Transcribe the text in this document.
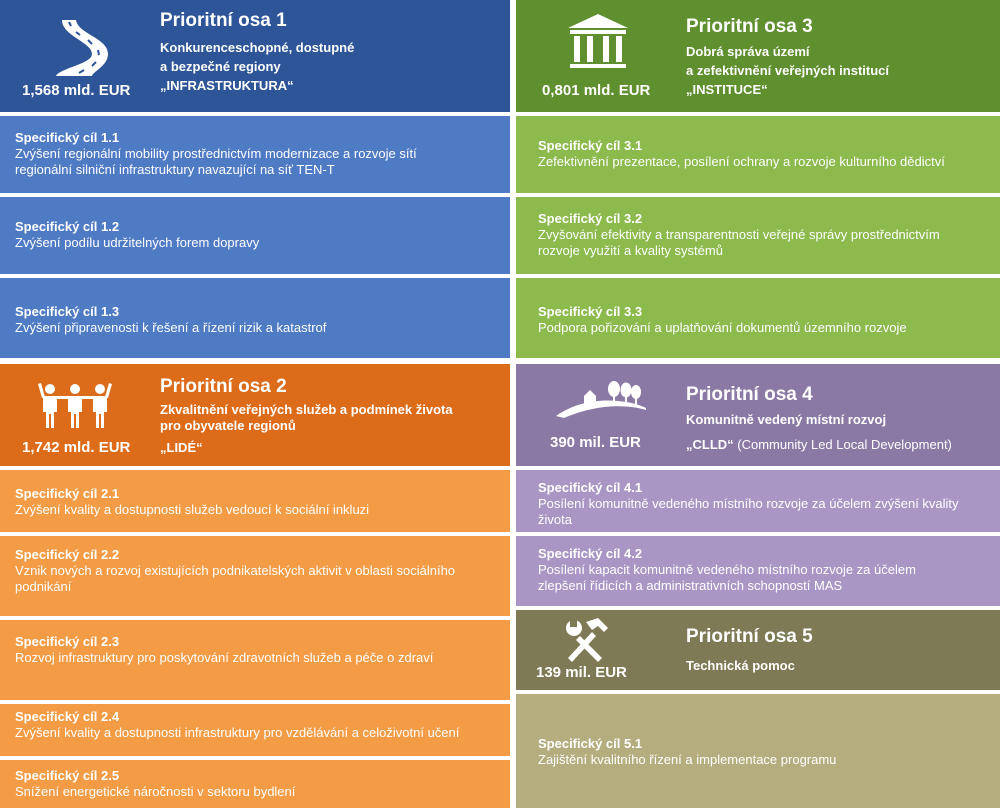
1,568 mld. EUR
Prioritní osa 1
Konkurenceschopné, dostupné
a bezpečné regiony
„INFRASTRUKTURA“
Specifický cíl 1.1
Zvýšení regionální mobility prostřednictvím modernizace a rozvoje sítí
regionální silniční infrastruktury navazující na síť TEN-T
Specifický cíl 1.2
Zvýšení podílu udržitelných forem dopravy
Specifický cíl 1.3
Zvýšení připravenosti k řešení a řízení rizik a katastrof
1,742 mld. EUR
Prioritní osa 2
Zkvalitnění veřejných služeb a podmínek života
pro obyvatele regionů
„LIDÉ“
Specifický cíl 2.1
Zvýšení kvality a dostupnosti služeb vedoucí k sociální inkluzi
Specifický cíl 2.2
Vznik nových a rozvoj existujících podnikatelských aktivit v oblasti sociálního
podnikání
Specifický cíl 2.3
Rozvoj infrastruktury pro poskytování zdravotních služeb a péče o zdraví
Specifický cíl 2.4
Zvýšení kvality a dostupnosti infrastruktury pro vzdělávání a celoživotní učení
Specifický cíl 2.5
Snížení energetické náročnosti v sektoru bydlení
0,801 mld. EUR
Prioritní osa 3
Dobrá správa území
a zefektivnění veřejných institucí
„INSTITUCE“
Specifický cíl 3.1
Zefektivnění prezentace, posílení ochrany a rozvoje kulturního dědictví
Specifický cíl 3.2
Zvyšování efektivity a transparentnosti veřejné správy prostřednictvím
rozvoje využití a kvality systémů
Specifický cíl 3.3
Podpora pořizování a uplatňování dokumentů územního rozvoje
390 mil. EUR
Prioritní osa 4
Komunitně vedený místní rozvoj
„CLLD“ (Community Led Local Development)
Specifický cíl 4.1
Posílení komunitně vedeného místního rozvoje za účelem zvýšení kvality
života
Specifický cíl 4.2
Posílení kapacit komunitně vedeného místního rozvoje za účelem
zlepšení řídicích a administrativních schopností MAS
139 mil. EUR
Prioritní osa 5
Technická pomoc
Specifický cíl 5.1
Zajištění kvalitního řízení a implementace programu
